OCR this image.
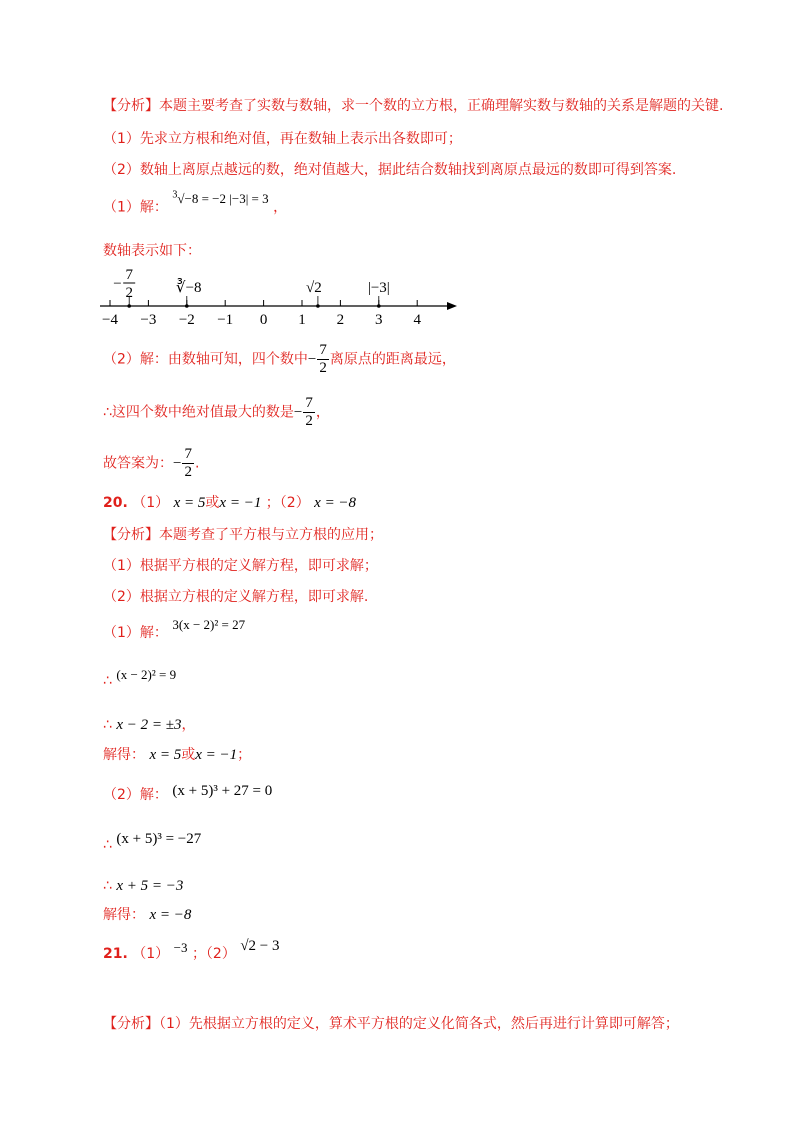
【分析】本题主要考查了实数与数轴，求一个数的立方根，正确理解实数与数轴的关系是解题的关键.
（1）先求立方根和绝对值，再在数轴上表示出各数即可；
（2）数轴上离原点越远的数，绝对值越大，据此结合数轴找到离原点最远的数即可得到答案.
（1）解： $^3$√−8 = −2 |−3| = 3 ，
数轴表示如下：
−4 −3 −2 −1 0 1 2 3 4
−
7
2	∛−8	√2	|−3|
（2）解：由数轴可知，四个数中− $\frac{7}{2}$ 离原点的距离最远，
∴这四个数中绝对值最大的数是− $\frac{7}{2}$ ，
故答案为：− $\frac{7}{2}$ .
20. （1） x = 5或x = −1 ；（2） x = −8
【分析】本题考查了平方根与立方根的应用；
（1）根据平方根的定义解方程，即可求解；
（2）根据立方根的定义解方程，即可求解.
（1）解： 3(x − 2)² = 27
∴ (x − 2)² = 9
∴ x − 2 = ±3，
解得： x = 5或x = −1；
（2）解： (x + 5)³ + 27 = 0
∴ (x + 5)³ = −27
∴ x + 5 = −3
解得： x = −8
21. （1） −3 ；（2） √2 − 3
【分析】（1）先根据立方根的定义，算术平方根的定义化简各式，然后再进行计算即可解答；
